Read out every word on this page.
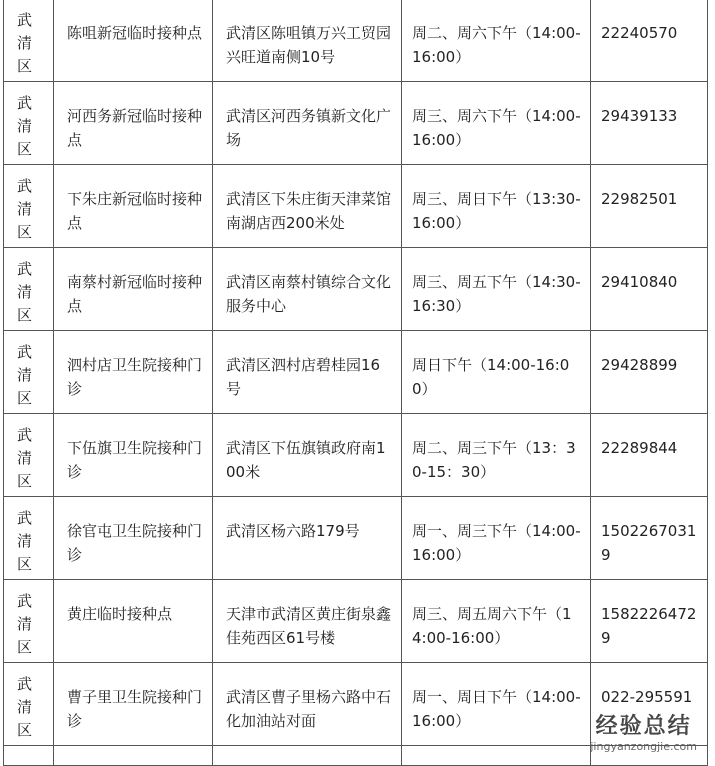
武清区	陈咀新冠临时接种点	武清区陈咀镇万兴工贸园兴旺道南侧10号	周二、周六下午（14:00-16:00）	22240570

武清区	河西务新冠临时接种点	武清区河西务镇新文化广场	周三、周六下午（14:00-16:00）	29439133

武清区	下朱庄新冠临时接种点	武清区下朱庄街天津菜馆南湖店西200米处	周三、周日下午（13:30-16:00）	22982501

武清区	南蔡村新冠临时接种点	武清区南蔡村镇综合文化服务中心	周三、周五下午（14:30-16:30）	29410840

武清区	泗村店卫生院接种门诊	武清区泗村店碧桂园16号	周日下午（14:00-16:00）	29428899

武清区	下伍旗卫生院接种门诊	武清区下伍旗镇政府南100米	周二、周三下午（13：30-15：30）	22289844

武清区	徐官屯卫生院接种门诊	武清区杨六路179号	周一、周三下午（14:00-16:00）	15022670319

武清区	黄庄临时接种点	天津市武清区黄庄街泉鑫佳苑西区61号楼	周三、周五周六下午（14:00-16:00）	15822264729

武清区	曹子里卫生院接种门诊	武清区曹子里杨六路中石化加油站对面	周一、周日下午（14:00-16:00）	022-295591

经验总结
jingyanzongjie.com
